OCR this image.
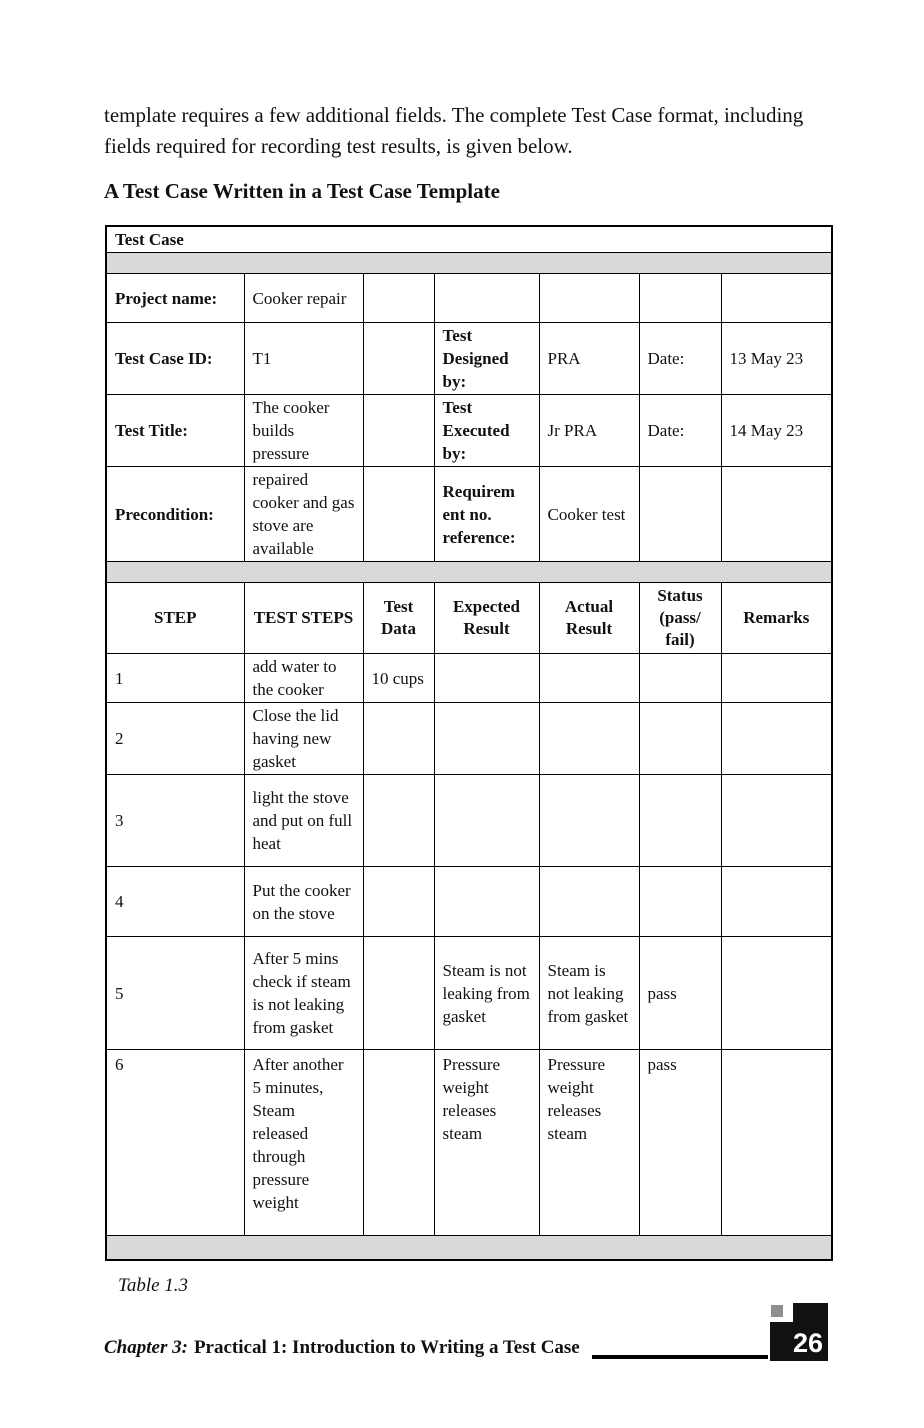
template requires a few additional fields. The complete Test Case format, including fields required for recording test results, is given below.

A Test Case Written in a Test Case Template
Test Case						

Project name:	Cooker repair					
Test Case ID:	T1		Test Designed by:	PRA	Date:	13 May 23
Test Title:	The cooker builds pressure		Test Executed by:	Jr PRA	Date:	14 May 23
Precondition:	repaired cooker and gas stove are available		Requirem ent no. reference:	Cooker test		

STEP	TEST STEPS	Test Data	Expected Result	Actual Result	Status (pass/ fail)	Remarks
1	add water to the cooker	10 cups				
2	Close the lid having new gasket					
3	light the stove and put on full heat					
4	Put the cooker on the stove					
5	After 5 mins check if steam is not leaking from gasket		Steam is not leaking from gasket	Steam is not leaking from gasket	pass	
6	After another 5 minutes, Steam released through pressure weight		Pressure weight releases steam	Pressure weight releases steam	pass	

Table 1.3
Chapter 3: Practical 1: Introduction to Writing a Test Case	26
